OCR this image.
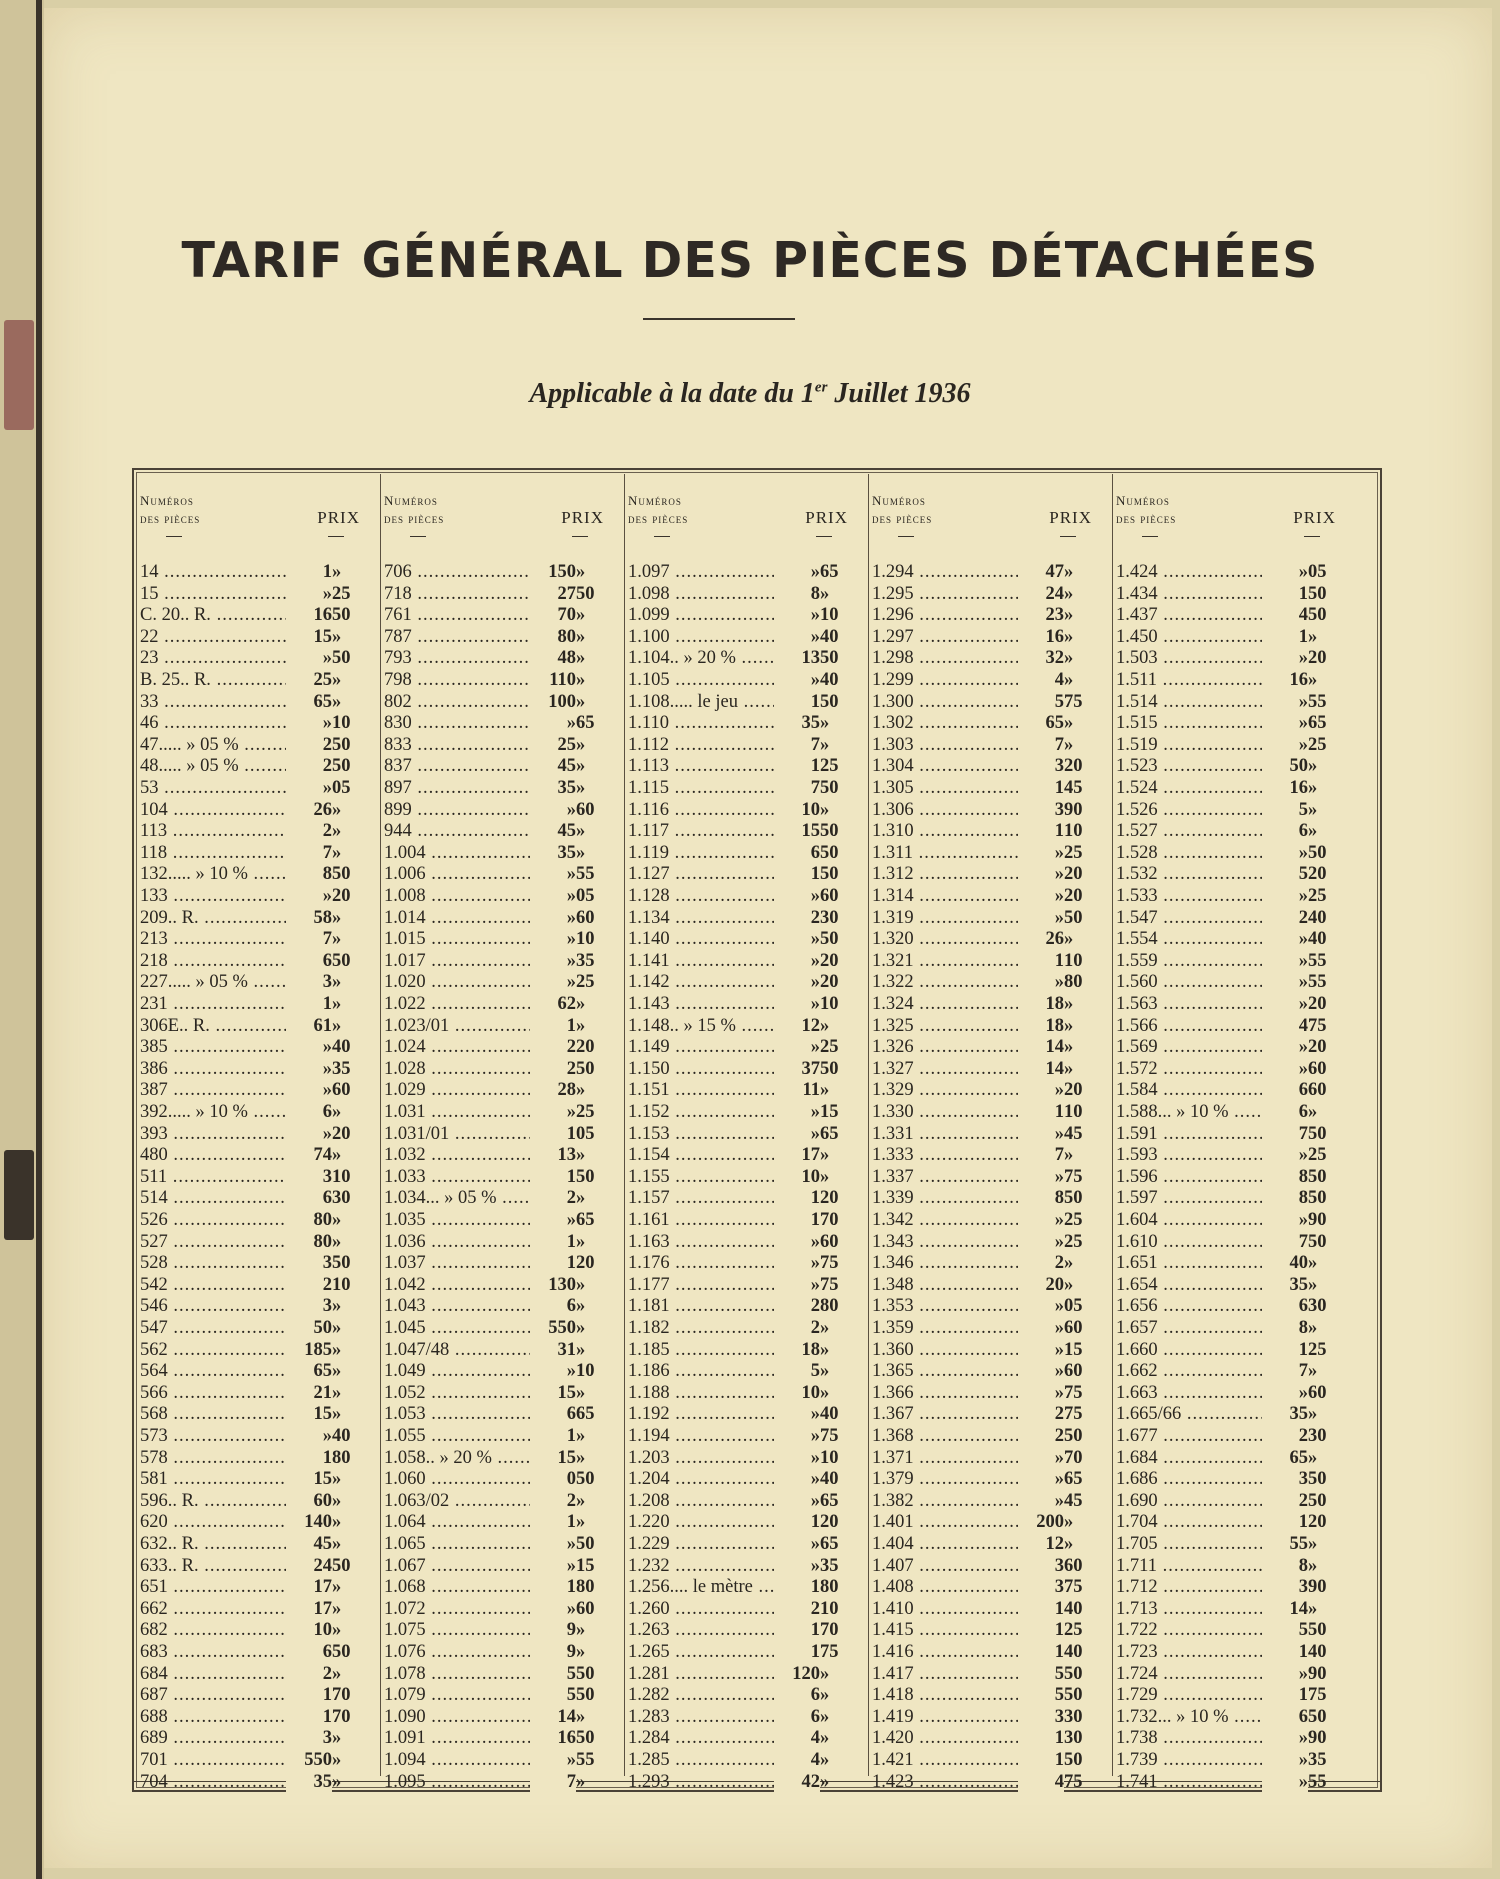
TARIF GÉNÉRAL DES PIÈCES DÉTACHÉES
Applicable à la date du 1er Juillet 1936
Numéros
des pièces	PRIX
14 .....	1 »
15 .....	» 25
C. 20.. R. .....	16 50
22 .....	15 »
23 .....	» 50
B. 25.. R. .....	25 »
33 .....	65 »
46 .....	» 10
47..... » 05 % .....	2 50
48..... » 05 % .....	2 50
53 .....	» 05
104 .....	26 »
113 .....	2 »
118 .....	7 »
132..... » 10 % .....	8 50
133 .....	» 20
209.. R. .....	58 »
213 .....	7 »
218 .....	6 50
227..... » 05 % .....	3 »
231 .....	1 »
306E.. R. .....	61 »
385 .....	» 40
386 .....	» 35
387 .....	» 60
392..... » 10 % .....	6 »
393 .....	» 20
480 .....	74 »
511 .....	3 10
514 .....	6 30
526 .....	80 »
527 .....	80 »
528 .....	3 50
542 .....	2 10
546 .....	3 »
547 .....	50 »
562 .....	185 »
564 .....	65 »
566 .....	21 »
568 .....	15 »
573 .....	» 40
578 .....	1 80
581 .....	15 »
596.. R. .....	60 »
620 .....	140 »
632.. R. .....	45 »
633.. R. .....	24 50
651 .....	17 »
662 .....	17 »
682 .....	10 »
683 .....	6 50
684 .....	2 »
687 .....	1 70
688 .....	1 70
689 .....	3 »
701 .....	550 »
704 .....	35 »
Numéros
des pièces	PRIX
706 .....	150 »
718 .....	27 50
761 .....	70 »
787 .....	80 »
793 .....	48 »
798 .....	110 »
802 .....	100 »
830 .....	» 65
833 .....	25 »
837 .....	45 »
897 .....	35 »
899 .....	» 60
944 .....	45 »
1.004 .....	35 »
1.006 .....	» 55
1.008 .....	» 05
1.014 .....	» 60
1.015 .....	» 10
1.017 .....	» 35
1.020 .....	» 25
1.022 .....	62 »
1.023/01 .....	1 »
1.024 .....	2 20
1.028 .....	2 50
1.029 .....	28 »
1.031 .....	» 25
1.031/01 .....	1 05
1.032 .....	13 »
1.033 .....	1 50
1.034... » 05 % .....	2 »
1.035 .....	» 65
1.036 .....	1 »
1.037 .....	1 20
1.042 .....	130 »
1.043 .....	6 »
1.045 .....	550 »
1.047/48 .....	31 »
1.049 .....	» 10
1.052 .....	15 »
1.053 .....	6 65
1.055 .....	1 »
1.058.. » 20 % .....	15 »
1.060 .....	0 50
1.063/02 .....	2 »
1.064 .....	1 »
1.065 .....	» 50
1.067 .....	» 15
1.068 .....	1 80
1.072 .....	» 60
1.075 .....	9 »
1.076 .....	9 »
1.078 .....	5 50
1.079 .....	5 50
1.090 .....	14 »
1.091 .....	16 50
1.094 .....	» 55
1.095 .....	7 »
Numéros
des pièces	PRIX
1.097 .....	» 65
1.098 .....	8 »
1.099 .....	» 10
1.100 .....	» 40
1.104.. » 20 % .....	13 50
1.105 .....	» 40
1.108..... le jeu .....	1 50
1.110 .....	35 »
1.112 .....	7 »
1.113 .....	1 25
1.115 .....	7 50
1.116 .....	10 »
1.117 .....	15 50
1.119 .....	6 50
1.127 .....	1 50
1.128 .....	» 60
1.134 .....	2 30
1.140 .....	» 50
1.141 .....	» 20
1.142 .....	» 20
1.143 .....	» 10
1.148.. » 15 % .....	12 »
1.149 .....	» 25
1.150 .....	37 50
1.151 .....	11 »
1.152 .....	» 15
1.153 .....	» 65
1.154 .....	17 »
1.155 .....	10 »
1.157 .....	1 20
1.161 .....	1 70
1.163 .....	» 60
1.176 .....	» 75
1.177 .....	» 75
1.181 .....	2 80
1.182 .....	2 »
1.185 .....	18 »
1.186 .....	5 »
1.188 .....	10 »
1.192 .....	» 40
1.194 .....	» 75
1.203 .....	» 10
1.204 .....	» 40
1.208 .....	» 65
1.220 .....	1 20
1.229 .....	» 65
1.232 .....	» 35
1.256.... le mètre .....	1 80
1.260 .....	2 10
1.263 .....	1 70
1.265 .....	1 75
1.281 .....	120 »
1.282 .....	6 »
1.283 .....	6 »
1.284 .....	4 »
1.285 .....	4 »
1.293 .....	42 »
Numéros
des pièces	PRIX
1.294 .....	47 »
1.295 .....	24 »
1.296 .....	23 »
1.297 .....	16 »
1.298 .....	32 »
1.299 .....	4 »
1.300 .....	5 75
1.302 .....	65 »
1.303 .....	7 »
1.304 .....	3 20
1.305 .....	1 45
1.306 .....	3 90
1.310 .....	1 10
1.311 .....	» 25
1.312 .....	» 20
1.314 .....	» 20
1.319 .....	» 50
1.320 .....	26 »
1.321 .....	1 10
1.322 .....	» 80
1.324 .....	18 »
1.325 .....	18 »
1.326 .....	14 »
1.327 .....	14 »
1.329 .....	» 20
1.330 .....	1 10
1.331 .....	» 45
1.333 .....	7 »
1.337 .....	» 75
1.339 .....	8 50
1.342 .....	» 25
1.343 .....	» 25
1.346 .....	2 »
1.348 .....	20 »
1.353 .....	» 05
1.359 .....	» 60
1.360 .....	» 15
1.365 .....	» 60
1.366 .....	» 75
1.367 .....	2 75
1.368 .....	2 50
1.371 .....	» 70
1.379 .....	» 65
1.382 .....	» 45
1.401 .....	200 »
1.404 .....	12 »
1.407 .....	3 60
1.408 .....	3 75
1.410 .....	1 40
1.415 .....	1 25
1.416 .....	1 40
1.417 .....	5 50
1.418 .....	5 50
1.419 .....	3 30
1.420 .....	1 30
1.421 .....	1 50
1.423 .....	4 75
Numéros
des pièces	PRIX
1.424 .....	» 05
1.434 .....	1 50
1.437 .....	4 50
1.450 .....	1 »
1.503 .....	» 20
1.511 .....	16 »
1.514 .....	» 55
1.515 .....	» 65
1.519 .....	» 25
1.523 .....	50 »
1.524 .....	16 »
1.526 .....	5 »
1.527 .....	6 »
1.528 .....	» 50
1.532 .....	5 20
1.533 .....	» 25
1.547 .....	2 40
1.554 .....	» 40
1.559 .....	» 55
1.560 .....	» 55
1.563 .....	» 20
1.566 .....	4 75
1.569 .....	» 20
1.572 .....	» 60
1.584 .....	6 60
1.588... » 10 % .....	6 »
1.591 .....	7 50
1.593 .....	» 25
1.596 .....	8 50
1.597 .....	8 50
1.604 .....	» 90
1.610 .....	7 50
1.651 .....	40 »
1.654 .....	35 »
1.656 .....	6 30
1.657 .....	8 »
1.660 .....	1 25
1.662 .....	7 »
1.663 .....	» 60
1.665/66 .....	35 »
1.677 .....	2 30
1.684 .....	65 »
1.686 .....	3 50
1.690 .....	2 50
1.704 .....	1 20
1.705 .....	55 »
1.711 .....	8 »
1.712 .....	3 90
1.713 .....	14 »
1.722 .....	5 50
1.723 .....	1 40
1.724 .....	» 90
1.729 .....	1 75
1.732... » 10 % .....	6 50
1.738 .....	» 90
1.739 .....	» 35
1.741 .....	» 55
